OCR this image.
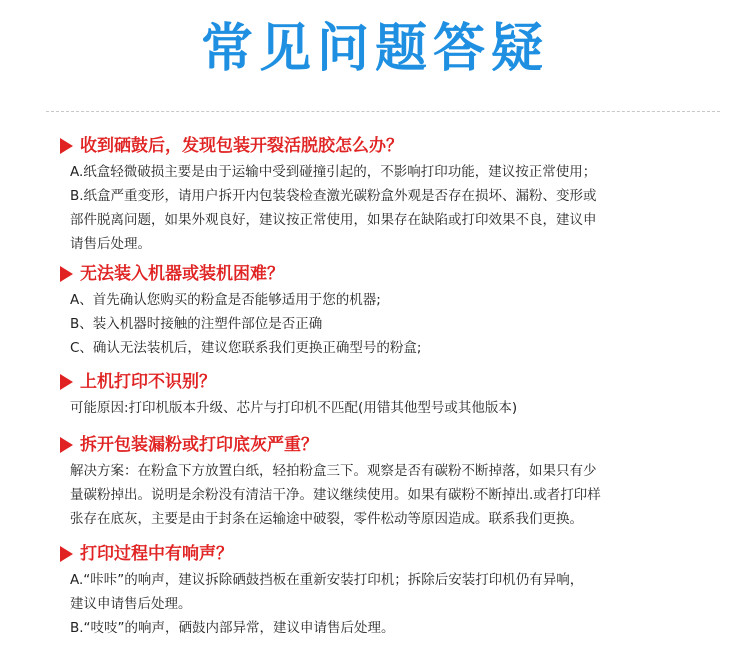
常见问题答疑
收到硒鼓后，发现包装开裂活脱胶怎么办？
A.纸盒轻微破损主要是由于运输中受到碰撞引起的，不影响打印功能，建议按正常使用；
B.纸盒严重变形，请用户拆开内包装袋检查激光碳粉盒外观是否存在损坏、漏粉、变形或
部件脱离问题，如果外观良好，建议按正常使用，如果存在缺陷或打印效果不良，建议申
请售后处理。
无法装入机器或装机困难？
A、首先确认您购买的粉盒是否能够适用于您的机器;
B、装入机器时接触的注塑件部位是否正确
C、确认无法装机后，建议您联系我们更换正确型号的粉盒;
上机打印不识别？
可能原因:打印机版本升级、芯片与打印机不匹配(用错其他型号或其他版本)
拆开包装漏粉或打印底灰严重？
解决方案：在粉盒下方放置白纸，轻拍粉盒三下。观察是否有碳粉不断掉落，如果只有少
量碳粉掉出。说明是余粉没有清洁干净。建议继续使用。如果有碳粉不断掉出.或者打印样
张存在底灰，主要是由于封条在运输途中破裂，零件松动等原因造成。联系我们更换。
打印过程中有响声？
A.“咔咔”的响声，建议拆除硒鼓挡板在重新安装打印机；拆除后安装打印机仍有异响，
建议申请售后处理。
B.“吱吱”的响声，硒鼓内部异常，建议申请售后处理。
